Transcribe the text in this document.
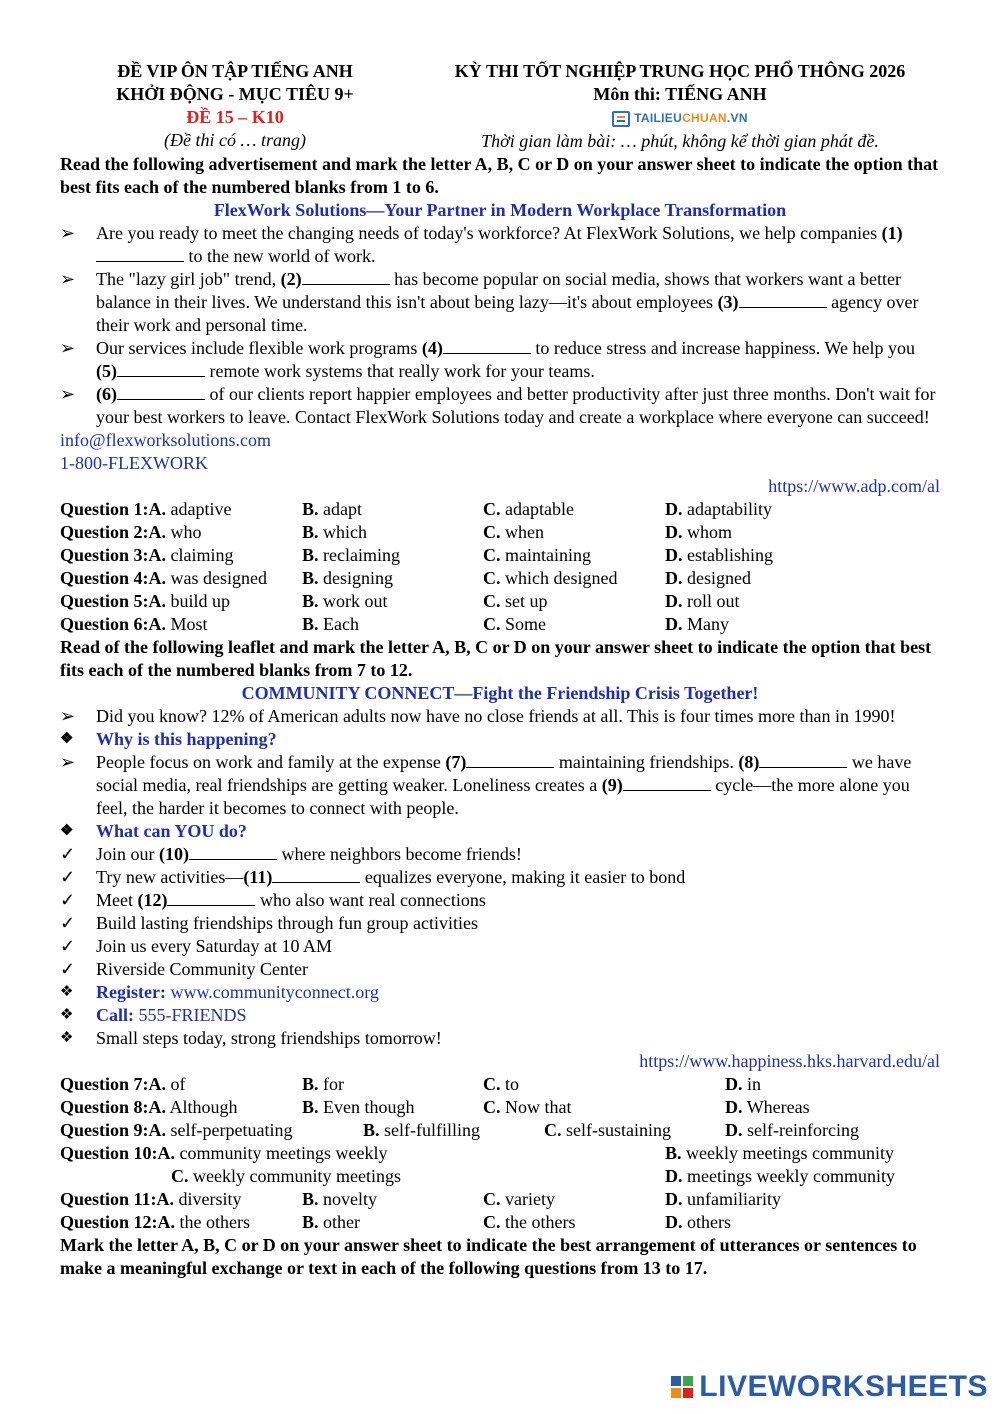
ĐỀ VIP ÔN TẬP TIẾNG ANH
KHỞI ĐỘNG - MỤC TIÊU 9+
ĐỀ 15 – K10
(Đề thi có … trang)
KỲ THI TỐT NGHIỆP TRUNG HỌC PHỔ THÔNG 2026
Môn thi: TIẾNG ANH
TAILIEUCHUAN.VN
Thời gian làm bài: … phút, không kể thời gian phát đề.
Read the following advertisement and mark the letter A, B, C or D on your answer sheet to indicate the option that best fits each of the numbered blanks from 1 to 6.
FlexWork Solutions—Your Partner in Modern Workplace Transformation
➢	Are you ready to meet the changing needs of today's workforce? At FlexWork Solutions, we help companies (1) to the new world of work.
➢	The "lazy girl job" trend, (2)	has become popular on social media, shows that workers want a better balance in their lives. We understand this isn't about being lazy—it's about employees (3)	agency over their work and personal time.
➢	Our services include flexible work programs (4)	to reduce stress and increase happiness. We help you (5)	remote work systems that really work for your teams.
➢	(6)	of our clients report happier employees and better productivity after just three months. Don't wait for your best workers to leave. Contact FlexWork Solutions today and create a workplace where everyone can succeed!
info@flexworksolutions.com
1-800-FLEXWORK
https://www.adp.com/al
Question 1:A. adaptive	B. adapt	C. adaptable	D. adaptability
Question 2:A. who	B. which	C. when	D. whom
Question 3:A. claiming	B. reclaiming	C. maintaining	D. establishing
Question 4:A. was designed B. designing	C. which designed	D. designed
Question 5:A. build up	B. work out	C. set up	D. roll out
Question 6:A. Most	B. Each	C. Some	D. Many
Read of the following leaflet and mark the letter A, B, C or D on your answer sheet to indicate the option that best fits each of the numbered blanks from 7 to 12.
COMMUNITY CONNECT—Fight the Friendship Crisis Together!
➢	Did you know? 12% of American adults now have no close friends at all. This is four times more than in 1990!
❖	Why is this happening?
➢	People focus on work and family at the expense (7)	maintaining friendships. (8)	we have social media, real friendships are getting weaker. Loneliness creates a (9)	cycle—the more alone you feel, the harder it becomes to connect with people.
❖	What can YOU do?
✓	Join our (10)	where neighbors become friends!
✓	Try new activities—(11)	equalizes everyone, making it easier to bond
✓	Meet (12)	who also want real connections
✓	Build lasting friendships through fun group activities
✓	Join us every Saturday at 10 AM
✓	Riverside Community Center
❖	Register: www.communityconnect.org
❖	Call: 555-FRIENDS
❖	Small steps today, strong friendships tomorrow!
https://www.happiness.hks.harvard.edu/al
Question 7:A. of	B. for	C. to	D. in
Question 8:A. Although	B. Even though	C. Now that	D. Whereas
Question 9:A. self-perpetuating	B. self-fulfilling	C. self-sustaining	D. self-reinforcing
Question 10:A. community meetings weekly	B. weekly meetings community
C. weekly community meetings	D. meetings weekly community
Question 11:A. diversity	B. novelty	C. variety	D. unfamiliarity
Question 12:A. the others	B. other	C. the others	D. others
Mark the letter A, B, C or D on your answer sheet to indicate the best arrangement of utterances or sentences to make a meaningful exchange or text in each of the following questions from 13 to 17.
LIVEWORKSHEETS
